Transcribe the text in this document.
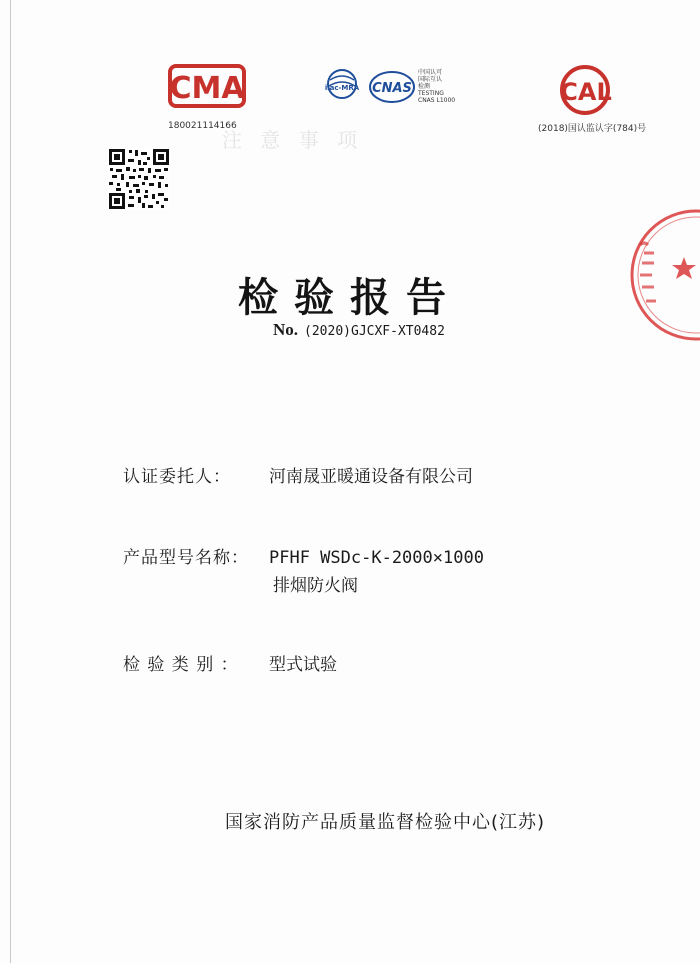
注 意 事 项
CMA
180021114166
ilac-MRA CNAS
中国认可
国际互认
检测
TESTING
CNAS L1000	CAL
(2018)国认监认字(784)号
检验报告
No. (2020)GJCXF-XT0482
认证委托人： 河南晟亚暖通设备有限公司
产品型号名称： PFHF WSDc-K-2000×1000
排烟防火阀
检 验 类 别 ： 型式试验
国家消防产品质量监督检验中心(江苏)
